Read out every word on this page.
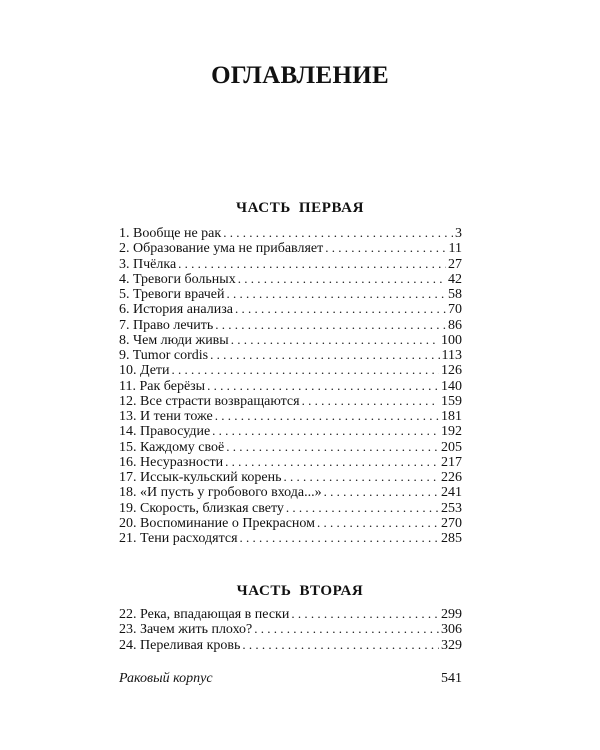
ОГЛАВЛЕНИЕ
ЧАСТЬ ПЕРВАЯ
1. Вообще не рак . . .	3
2. Образование ума не прибавляет . . .	11
3. Пчёлка . . .	27
4. Тревоги больных . . .	42
5. Тревоги врачей . . .	58
6. История анализа . . .	70
7. Право лечить . . .	86
8. Чем люди живы . . .	100
9. Tumor cordis . . .	113
10. Дети . . .	126
11. Рак берёзы . . .	140
12. Все страсти возвращаются . . .	159
13. И тени тоже . . .	181
14. Правосудие . . .	192
15. Каждому своё . . .	205
16. Несуразности . . .	217
17. Иссык-кульский корень . . .	226
18. «И пусть у гробового входа...» . . .	241
19. Скорость, близкая свету . . .	253
20. Воспоминание о Прекрасном . . .	270
21. Тени расходятся . . .	285
ЧАСТЬ ВТОРАЯ
22. Река, впадающая в пески . . .	299
23. Зачем жить плохо? . . .	306
24. Переливая кровь . . .	329
Раковый корпус	541
